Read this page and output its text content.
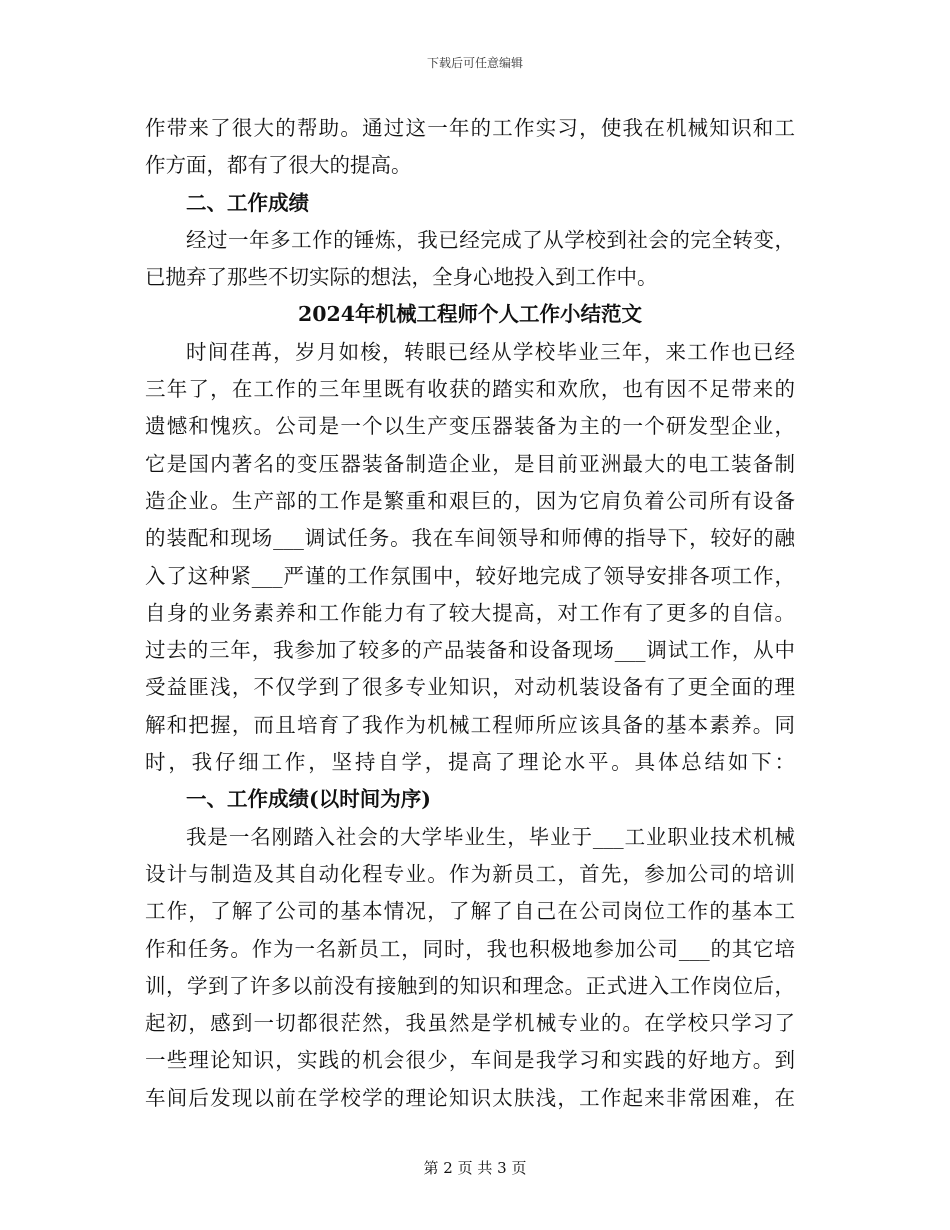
下载后可任意编辑
作带来了很大的帮助。通过这一年的工作实习，使我在机械知识和工
作方面，都有了很大的提高。
二、工作成绩
经过一年多工作的锤炼，我已经完成了从学校到社会的完全转变，
已抛弃了那些不切实际的想法，全身心地投入到工作中。
2024年机械工程师个人工作小结范文
时间荏苒，岁月如梭，转眼已经从学校毕业三年，来工作也已经
三年了，在工作的三年里既有收获的踏实和欢欣，也有因不足带来的
遗憾和愧疚。公司是一个以生产变压器装备为主的一个研发型企业，
它是国内著名的变压器装备制造企业，是目前亚洲最大的电工装备制
造企业。生产部的工作是繁重和艰巨的，因为它肩负着公司所有设备
的装配和现场___调试任务。我在车间领导和师傅的指导下，较好的融
入了这种紧___严谨的工作氛围中，较好地完成了领导安排各项工作，
自身的业务素养和工作能力有了较大提高，对工作有了更多的自信。
过去的三年，我参加了较多的产品装备和设备现场___调试工作，从中
受益匪浅，不仅学到了很多专业知识，对动机装设备有了更全面的理
解和把握，而且培育了我作为机械工程师所应该具备的基本素养。同
时，我仔细工作，坚持自学，提高了理论水平。具体总结如下：
一、工作成绩(以时间为序)
我是一名刚踏入社会的大学毕业生，毕业于___工业职业技术机械
设计与制造及其自动化程专业。作为新员工，首先，参加公司的培训
工作，了解了公司的基本情况，了解了自己在公司岗位工作的基本工
作和任务。作为一名新员工，同时，我也积极地参加公司___的其它培
训，学到了许多以前没有接触到的知识和理念。正式进入工作岗位后，
起初，感到一切都很茫然，我虽然是学机械专业的。在学校只学习了
一些理论知识，实践的机会很少，车间是我学习和实践的好地方。到
车间后发现以前在学校学的理论知识太肤浅，工作起来非常困难，在
第 2 页 共 3 页
